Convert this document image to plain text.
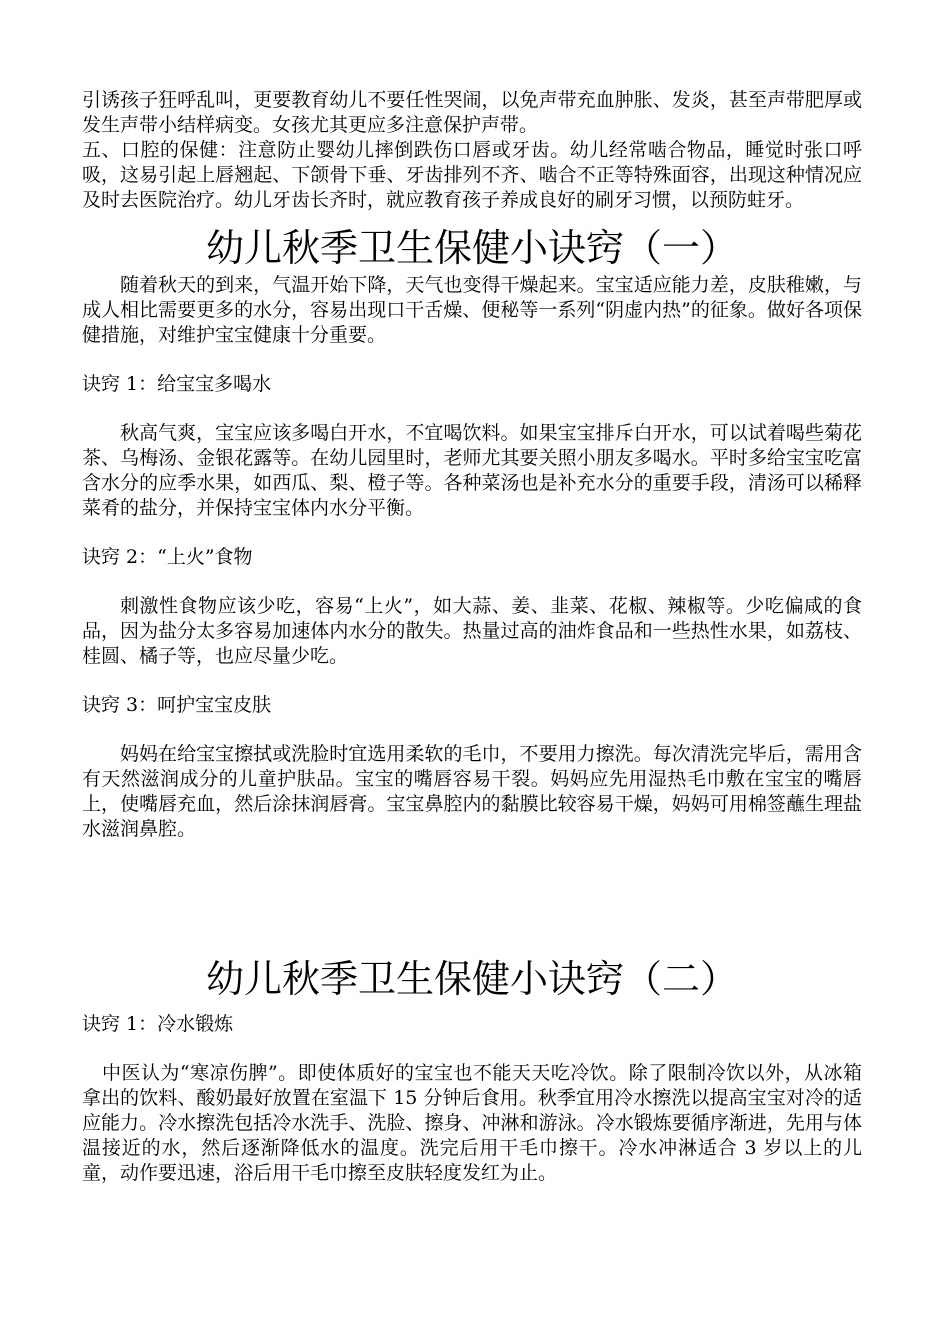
引诱孩子狂呼乱叫，更要教育幼儿不要任性哭闹，以免声带充血肿胀、发炎，甚至声带肥厚或发生声带小结样病变。女孩尤其更应多注意保护声带。

五、口腔的保健：注意防止婴幼儿摔倒跌伤口唇或牙齿。幼儿经常啮合物品，睡觉时张口呼吸，这易引起上唇翘起、下颌骨下垂、牙齿排列不齐、啮合不正等特殊面容，出现这种情况应及时去医院治疗。幼儿牙齿长齐时，就应教育孩子养成良好的刷牙习惯，以预防蛀牙。

幼儿秋季卫生保健小诀窍（一）

随着秋天的到来，气温开始下降，天气也变得干燥起来。宝宝适应能力差，皮肤稚嫩，与成人相比需要更多的水分，容易出现口干舌燥、便秘等一系列“阴虚内热”的征象。做好各项保健措施，对维护宝宝健康十分重要。

诀窍 1：给宝宝多喝水

秋高气爽，宝宝应该多喝白开水，不宜喝饮料。如果宝宝排斥白开水，可以试着喝些菊花茶、乌梅汤、金银花露等。在幼儿园里时，老师尤其要关照小朋友多喝水。平时多给宝宝吃富含水分的应季水果，如西瓜、梨、橙子等。各种菜汤也是补充水分的重要手段，清汤可以稀释菜肴的盐分，并保持宝宝体内水分平衡。

诀窍 2：“上火”食物

刺激性食物应该少吃，容易“上火”，如大蒜、姜、韭菜、花椒、辣椒等。少吃偏咸的食品，因为盐分太多容易加速体内水分的散失。热量过高的油炸食品和一些热性水果，如荔枝、桂圆、橘子等，也应尽量少吃。

诀窍 3：呵护宝宝皮肤

妈妈在给宝宝擦拭或洗脸时宜选用柔软的毛巾，不要用力擦洗。每次清洗完毕后，需用含有天然滋润成分的儿童护肤品。宝宝的嘴唇容易干裂。妈妈应先用湿热毛巾敷在宝宝的嘴唇上，使嘴唇充血，然后涂抹润唇膏。宝宝鼻腔内的黏膜比较容易干燥，妈妈可用棉签蘸生理盐水滋润鼻腔。

幼儿秋季卫生保健小诀窍（二）

诀窍 1：冷水锻炼

中医认为“寒凉伤脾”。即使体质好的宝宝也不能天天吃冷饮。除了限制冷饮以外，从冰箱拿出的饮料、酸奶最好放置在室温下 15 分钟后食用。秋季宜用冷水擦洗以提高宝宝对冷的适应能力。冷水擦洗包括冷水洗手、洗脸、擦身、冲淋和游泳。冷水锻炼要循序渐进，先用与体温接近的水，然后逐渐降低水的温度。洗完后用干毛巾擦干。冷水冲淋适合 3 岁以上的儿童，动作要迅速，浴后用干毛巾擦至皮肤轻度发红为止。
